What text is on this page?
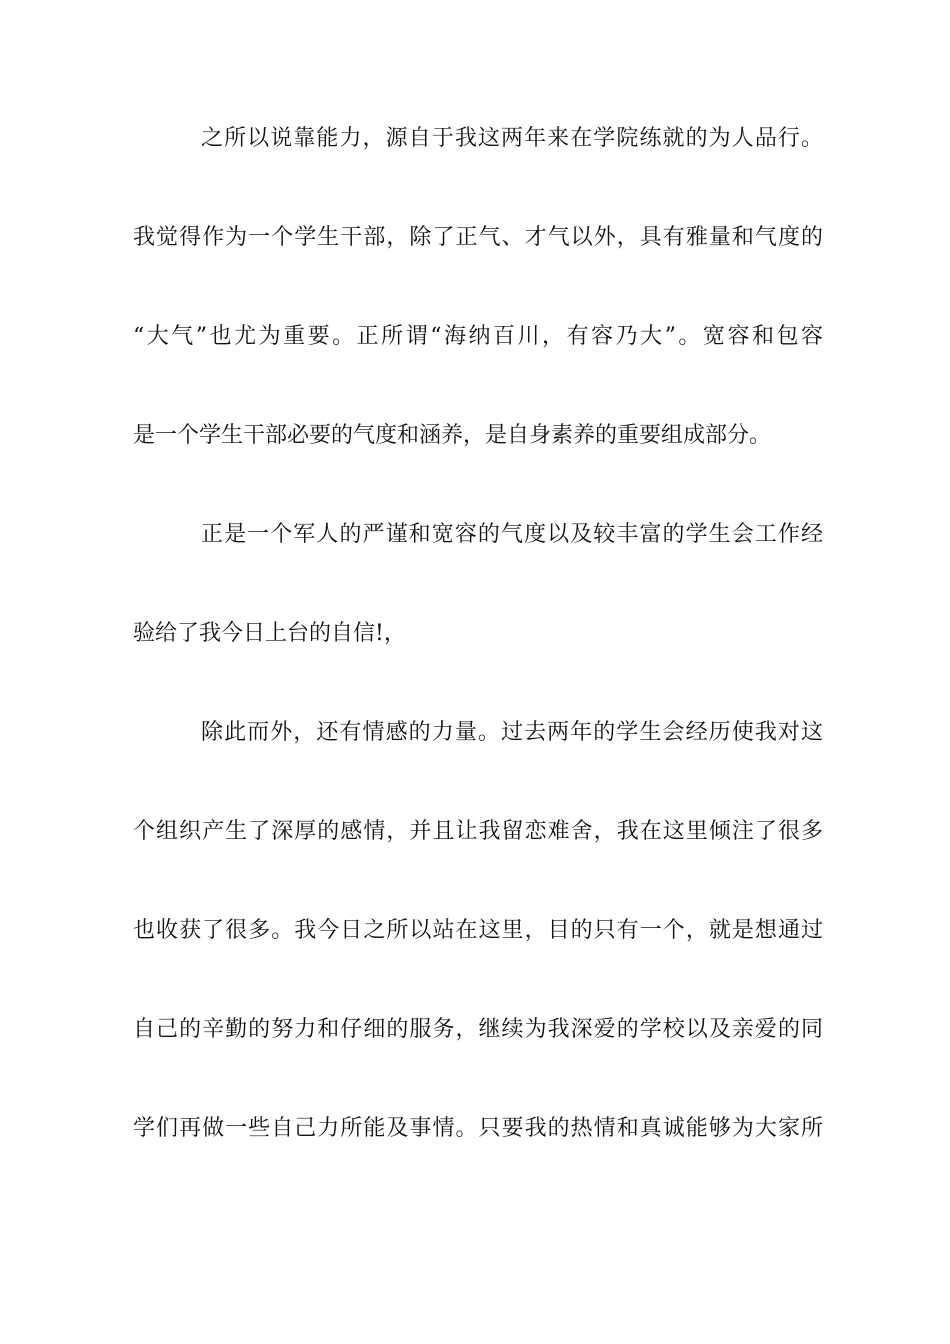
之所以说靠能力，源自于我这两年来在学院练就的为人品行。
我觉得作为一个学生干部，除了正气、才气以外，具有雅量和气度的
“大气”也尤为重要。正所谓“海纳百川，有容乃大”。宽容和包容
是一个学生干部必要的气度和涵养，是自身素养的重要组成部分。
正是一个军人的严谨和宽容的气度以及较丰富的学生会工作经
验给了我今日上台的自信!，
除此而外，还有情感的力量。过去两年的学生会经历使我对这
个组织产生了深厚的感情，并且让我留恋难舍，我在这里倾注了很多
也收获了很多。我今日之所以站在这里，目的只有一个，就是想通过
自己的辛勤的努力和仔细的服务，继续为我深爱的学校以及亲爱的同
学们再做一些自己力所能及事情。只要我的热情和真诚能够为大家所
